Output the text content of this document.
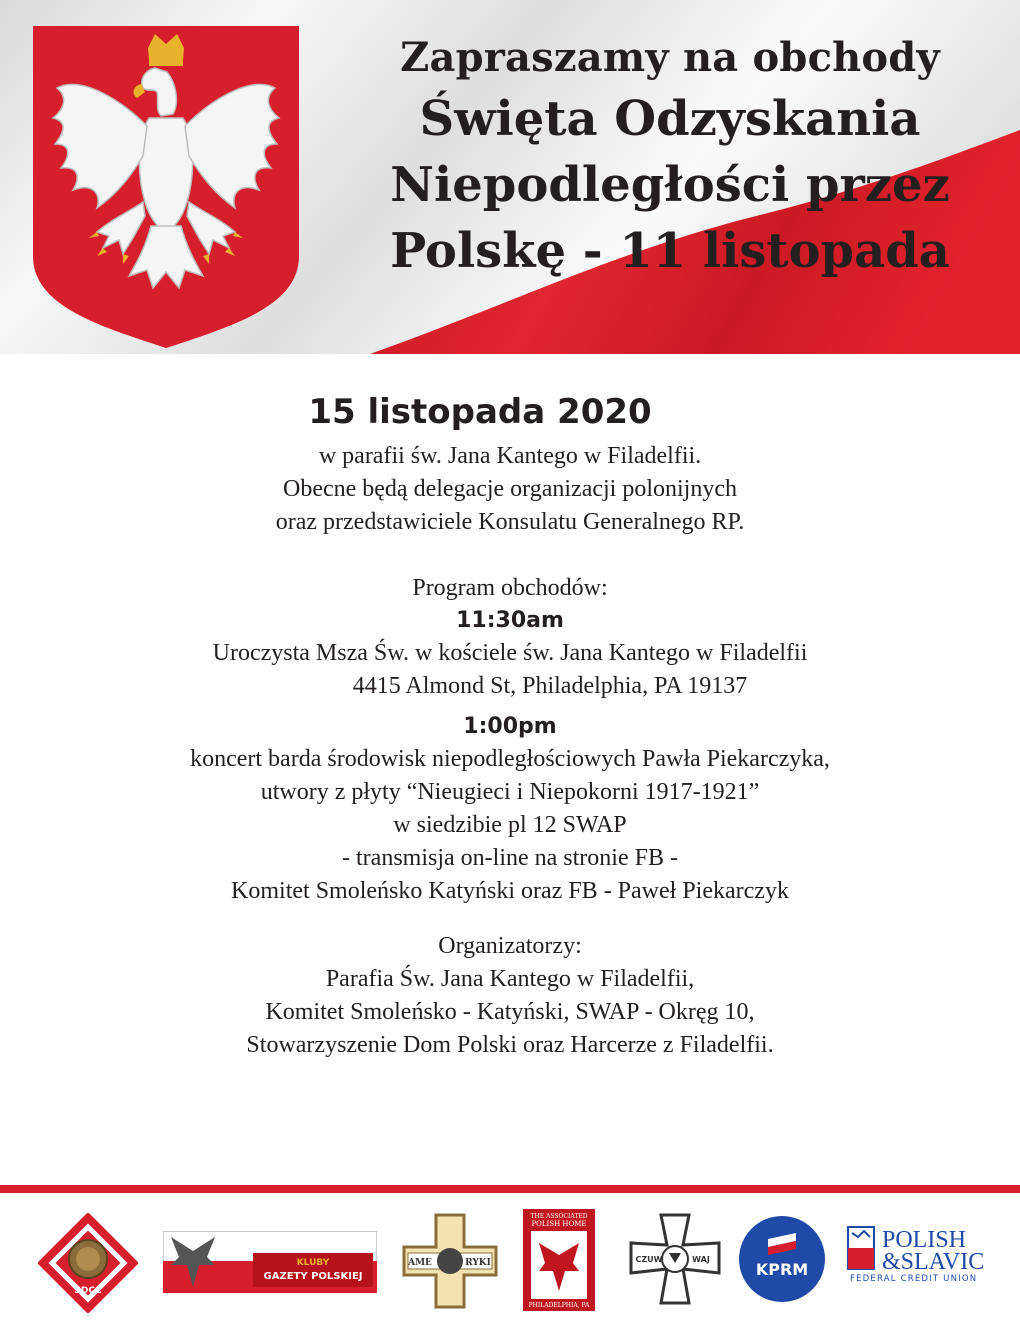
Zapraszamy na obchody
Święta Odzyskania
Niepodległości przez
Polskę - 11 listopada
15 listopada 2020
w parafii św. Jana Kantego w Filadelfii.
Obecne będą delegacje organizacji polonijnych
oraz przedstawiciele Konsulatu Generalnego RP.
Program obchodów:
11:30am
Uroczysta Msza Św. w kościele św. Jana Kantego w Filadelfii
4415 Almond St, Philadelphia, PA 19137
1:00pm
koncert barda środowisk niepodległościowych Pawła Piekarczyka,
utwory z płyty “Nieugieci i Niepokorni 1917-1921”
w siedzibie pl 12 SWAP
- transmisja on-line na stronie FB -
Komitet Smoleńsko Katyński oraz FB - Paweł Piekarczyk
Organizatorzy:
Parafia Św. Jana Kantego w Filadelfii,
Komitet Smoleńsko - Katyński, SWAP - Okręg 10,
Stowarzyszenie Dom Polski oraz Harcerze z Filadelfii.
SDCC
KLUBY
GAZETY POLSKIEJ
AME	RYKI
THE ASSOCIATED
POLISH HOME
PHILADELPHIA, PA
CZUW	WAJ
KPRM
POLISH
&SLAVIC
FEDERAL CREDIT UNION
